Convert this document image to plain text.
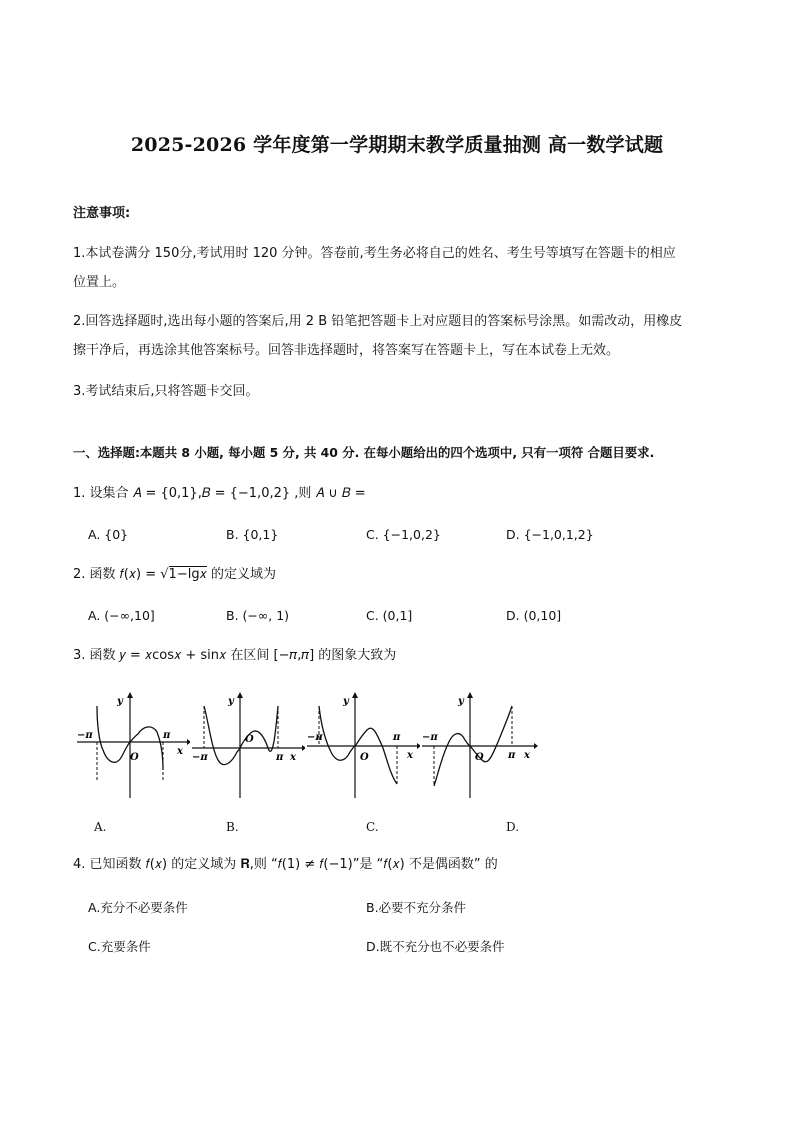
2025-2026 学年度第一学期期末教学质量抽测 高一数学试题
注意事项:
1.本试卷满分 150分,考试用时 120 分钟。答卷前,考生务必将自己的姓名、考生号等填写在答题卡的相应
位置上。
2.回答选择题时,选出每小题的答案后,用 2 B 铅笔把答题卡上对应题目的答案标号涂黑。如需改动，用橡皮
擦干净后，再选涂其他答案标号。回答非选择题时，将答案写在答题卡上，写在本试卷上无效。
3.考试结束后,只将答题卡交回。
一、选择题:本题共 8 小题, 每小题 5 分, 共 40 分. 在每小题给出的四个选项中, 只有一项符 合题目要求.
1. 设集合 𝐴 = {0,1},𝐵 = {−1,0,2} ,则 𝐴 ∪ 𝐵 =
A. {0}	B. {0,1}	C. {−1,0,2}	D. {−1,0,1,2}
2. 函数 𝑓(𝑥) = √1−lg𝑥 的定义域为
A. (−∞,10]	B. (−∞, 1)	C. (0,1]	D. (0,10]
3. 函数 𝑦 = 𝑥cos𝑥 + sin𝑥 在区间 [−𝜋,𝜋] 的图象大致为
−π	π
x
y
O	−π	π x
y
O	−π	π
x
y
O
−π
π x
y
O
A.	B.	C.	D.
4. 已知函数 𝑓(𝑥) 的定义域为 𝐑,则 “𝑓(1) ≠ 𝑓(−1)”是 “𝑓(𝑥) 不是偶函数” 的
A.充分不必要条件	B.必要不充分条件
C.充要条件	D.既不充分也不必要条件
